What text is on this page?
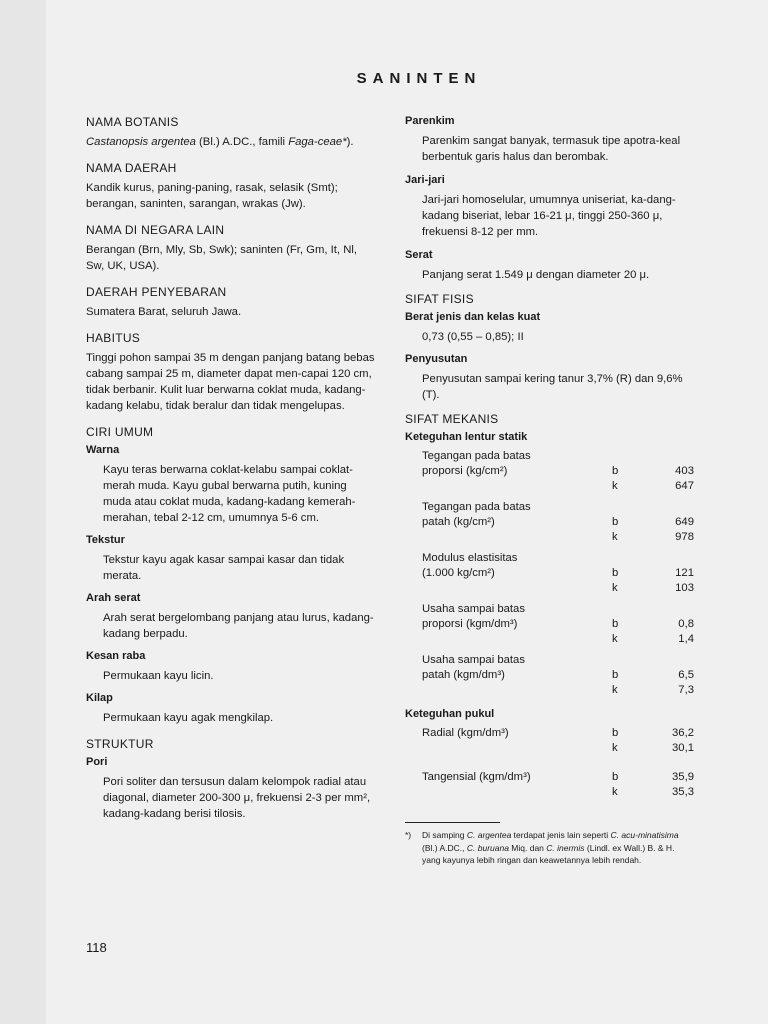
SANINTEN
NAMA BOTANIS

Castanopsis argentea (Bl.) A.DC., famili Faga-ceae*).

NAMA DAERAH

Kandik kurus, paning-paning, rasak, selasik (Smt); berangan, saninten, sarangan, wrakas (Jw).

NAMA DI NEGARA LAIN

Berangan (Brn, Mly, Sb, Swk); saninten (Fr, Gm, It, Nl, Sw, UK, USA).

DAERAH PENYEBARAN

Sumatera Barat, seluruh Jawa.

HABITUS

Tinggi pohon sampai 35 m dengan panjang batang bebas cabang sampai 25 m, diameter dapat men-capai 120 cm, tidak berbanir. Kulit luar berwarna coklat muda, kadang-kadang kelabu, tidak beralur dan tidak mengelupas.

CIRI UMUM
Warna

Kayu teras berwarna coklat-kelabu sampai coklat-merah muda. Kayu gubal berwarna putih, kuning muda atau coklat muda, kadang-kadang kemerah-merahan, tebal 2-12 cm, umumnya 5-6 cm.

Tekstur

Tekstur kayu agak kasar sampai kasar dan tidak merata.

Arah serat

Arah serat bergelombang panjang atau lurus, kadang-kadang berpadu.

Kesan raba

Permukaan kayu licin.

Kilap

Permukaan kayu agak mengkilap.

STRUKTUR
Pori

Pori soliter dan tersusun dalam kelompok radial atau diagonal, diameter 200-300 μ, frekuensi 2-3 per mm², kadang-kadang berisi tilosis.

Parenkim

Parenkim sangat banyak, termasuk tipe apotra-keal berbentuk garis halus dan berombak.

Jari-jari

Jari-jari homoselular, umumnya uniseriat, ka-dang-kadang biseriat, lebar 16-21 μ, tinggi 250-360 μ, frekuensi 8-12 per mm.

Serat

Panjang serat 1.549 μ dengan diameter 20 μ.

SIFAT FISIS
Berat jenis dan kelas kuat

0,73 (0,55 – 0,85); II

Penyusutan

Penyusutan sampai kering tanur 3,7% (R) dan 9,6% (T).

SIFAT MEKANIS
Keteguhan lentur statik
Tegangan pada batas
proporsi (kg/cm²)	b	403
k	647
Tegangan pada batas
patah (kg/cm²)	b	649
k	978
Modulus elastisitas
(1.000 kg/cm²)	b	121
k	103
Usaha sampai batas
proporsi (kgm/dm³)	b	0,8
k	1,4
Usaha sampai batas
patah (kgm/dm³)	b	6,5
k	7,3
Keteguhan pukul
Radial (kgm/dm³)	b	36,2
k	30,1
Tangensial (kgm/dm³)	b	35,9
k	35,3
*)	Di samping C. argentea terdapat jenis lain seperti C. acu-minatisima (Bl.) A.DC., C. buruana Miq. dan C. inermis (Lindl. ex Wall.) B. & H. yang kayunya lebih ringan dan keawetannya lebih rendah.
118
